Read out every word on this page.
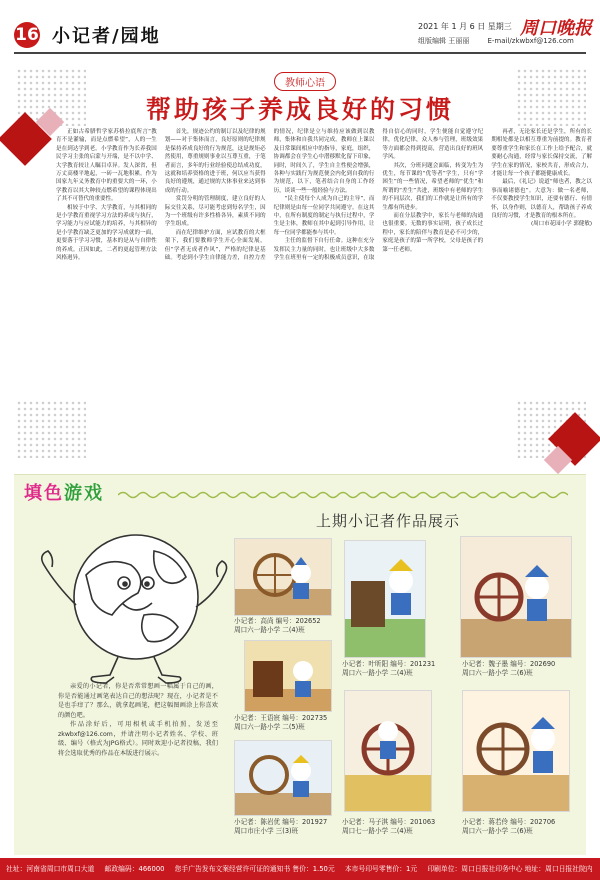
16 小记者/园地	2021 年 1 月 6 日 星期三 周口晚报
组版编辑 王丽丽	E-mail/zkwbxf@126.com
教师心语
帮助孩子养成良好的习惯

正如古希腊哲学家苏格拉底所言“教育不是灌输，而是点燃希望”，人的一生是在到达学到老。小学教育作为长养我国民学习主张的启蒙与开端，是不以中学、大学教育较让人瞩目卓异。发人深省，但万丈高楼平地起，一砖一瓦地积累。作为国家九年义务教育中的重要大的一环，小学教育以其大种较点燃希望的课程体现出了其不可替代的重要性。

相较于中学、大学教育，与其相同的是小学教育重视学习方法的养成与执行，学习能力与应试能力的培养，与其相异的是小学教育缺乏更加的学习成就的一面，更要落于学习习惯，基本的是从与自律性的养成。正因如此，二者的更起管理方法风格迥异。

首先，规迹公约的制订以及纪律的规划——对于集体而言，良好原则的纪律规是保持养成良好的行为规范，这是规矩必然使用，尊重规则事业以互尊互重，于笔者而言，多年的行业经验使总结成功度，这就和培养资格的进于班，何以应当获得良好的遵规，通过规的大体事业来达到事成的行动。

赏罚分明的管理制度，建立良好的人际交往关系，尽可能考虑到每名学生，因为一个班级有许多性格各异，素质不同的学生组成。

而在纪律维护方面，应试教育的大框架下，我们要教师学生开心全面发展，但“学者无成者作风”，严格的纪律是基础。考虑到小学生自律能力差，自控力差的情况，纪律是立与维持应该做到以教师，集体和自我共同完成。教师在上课以及日常课间相应中的指导，家庭，组织，协调都会在学生心中潜移默化留下印象，同时，时间久了，学生自主性便会增强，各种与实践行为规范便会内化到自我的行为规范，以下，笔者结合自身的工作经历，谈谈一些一般经验与方法。

“民主使每个人成为自己的主导”，而纪律则是由每一位同学共同遵守。在这其中，在所有制度的制定与执行过程中，学生是主体，教师在其中起到引导作用，让每一位同学都能参与其中。

主任的监督下自行任命。这种在充分发挥民主力量的同时，也让班级中大多数学生在班里有一定的积极成员意识，在取得自信心的同时，学生便能自觉遵守纪律，优化纪律，众人参与管理，班级效果等方面都会得到提高，营造出良好的班风学风。

其次，分班问题会面临，转变为生为优生，每节课的“优等者”学生，只有“学困生”的一些情况，希望老师的“优生”和所谓的“差生”共进，班级中有老师的学生的不同层次，我们的工作就是让所有的学生都有所进步。

而在分层教学中，家长与老师的沟通也很重要。无数的事实证明，孩子成长过程中，家长的陪伴与教育是必不可少的，家庭是孩子的第一所学校，父母是孩子的第一任老师。

再者，无论家长还是学生，所有的长期相处都是以相互尊重为前提的。教育者要尊重学生和家长在工作上给予配合，就要耐心沟通，经常与家长保持交流，了解学生在家的情况，家校共育，形成合力，才能让每一个孩子都能健康成长。

最后，《礼记》说道“师也者，教之以事而喻诸德也”。大意为：做一名老师，不仅要教授学生知识，还要有德行、有情怀，以身作则，以德育人，帮助孩子养成良好的习惯，才是教育的根本所在。

(周口市花园小学 郭健敏)

填色游戏
上期小记者作品展示

亲爱的小记者，你是否常常想画一幅属于自己的画，你是否能通过画笔表达自己的想法呢？现在，小记者是不是也手痒了？那么，就拿起画笔，把这幅图画涂上你喜欢的颜色吧。

作品涂好后，可用相机或手机拍照，发送至 zkwbxf@126.com，并请注明小记者姓名、学校、班级、编号（格式为JPG格式）。同时欢迎小记者投稿，我们将会选取优秀的作品在本版进行展示。

小记者：高尚 编号：202652
周口六一路小学 二(4)班
小记者：叶昕阳 编号：201231
周口六一路小学 二(4)班
小记者：魏子墨 编号：202690
周口六一路小学 二(6)班
小记者：王语宸 编号：202735
周口六一路小学 二(5)班
小记者：陈岩优 编号：201927
周口市庄小学 三(3)班
小记者：马子淇 编号：201063
周口七一路小学 二(4)班
小记者：蒋若伶 编号：202706
周口六一路小学 二(6)班
社址：河南省周口市周口大道 邮政编码：466000 您手广告发布文案经营许可证的通知书 售价：1.50元 本市号印号零售价：1元 印刷单位：周口日报社印务中心 地址：周口日报社院内
